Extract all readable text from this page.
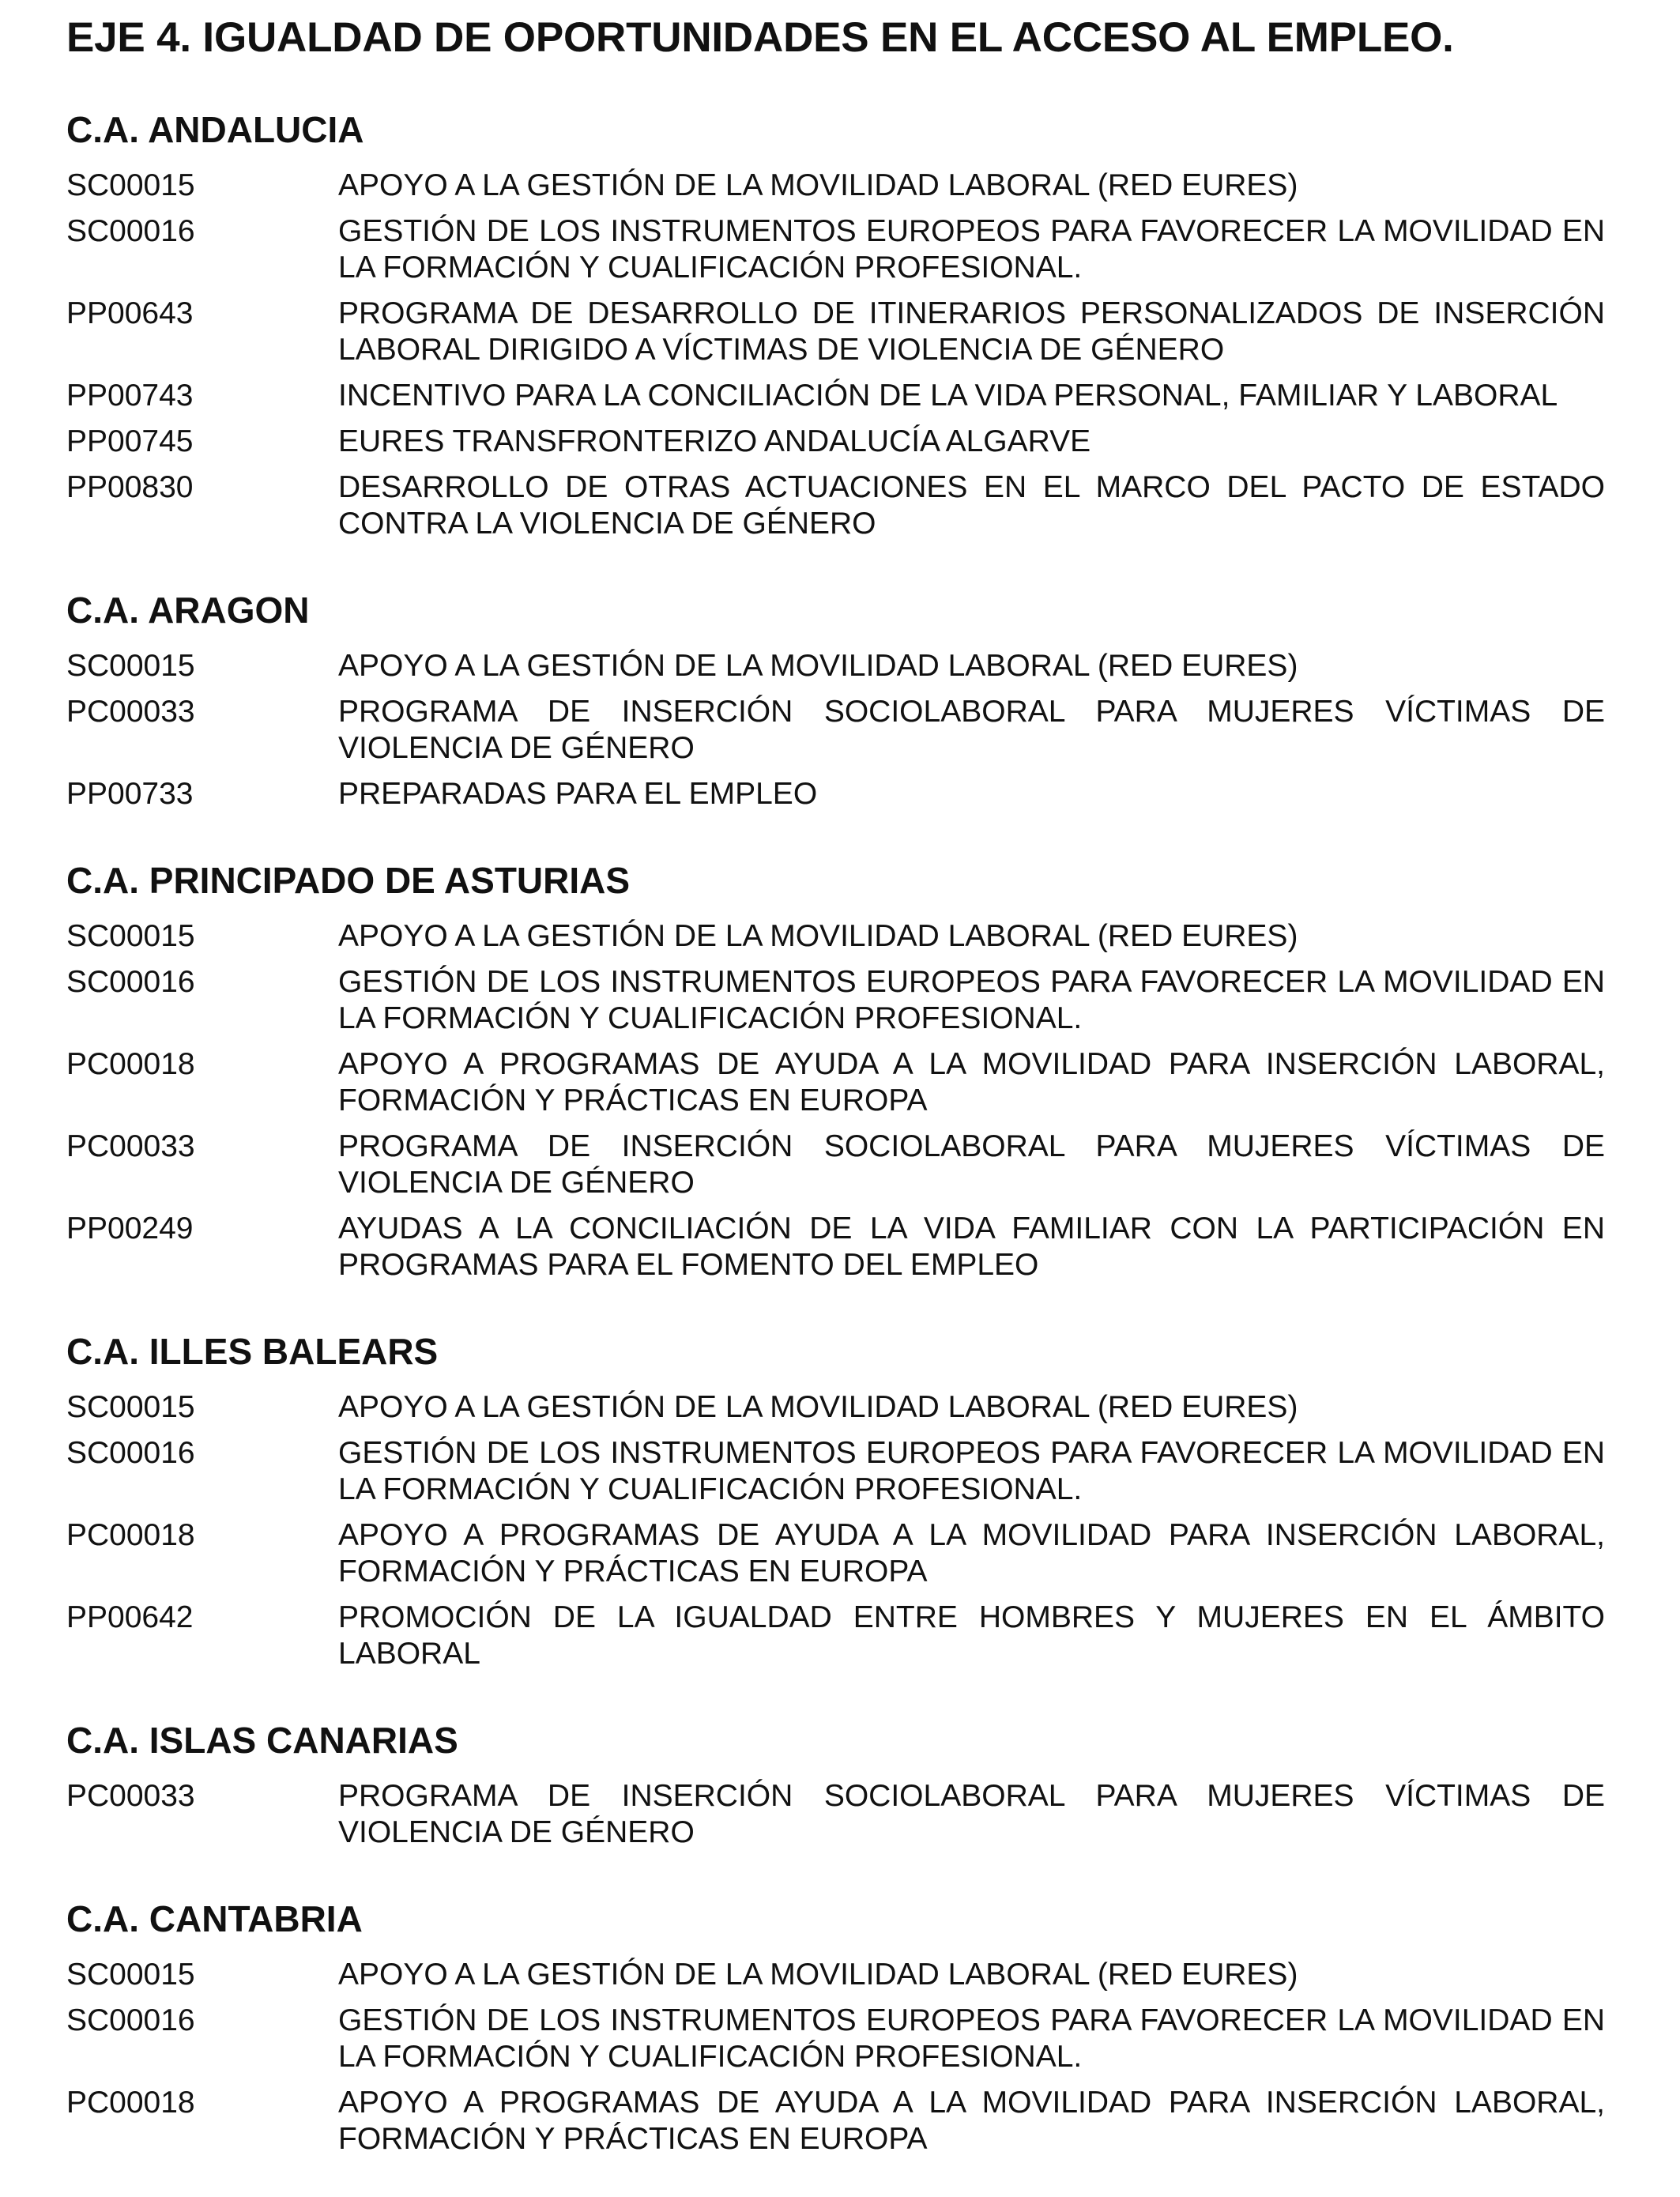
EJE 4. IGUALDAD DE OPORTUNIDADES EN EL ACCESO AL EMPLEO.
C.A. ANDALUCIA
SC00015	APOYO A LA GESTIÓN DE LA MOVILIDAD LABORAL (RED EURES)
SC00016	GESTIÓN DE LOS INSTRUMENTOS EUROPEOS PARA FAVORECER LA MOVILIDAD EN LA FORMACIÓN Y CUALIFICACIÓN PROFESIONAL.
PP00643	PROGRAMA DE DESARROLLO DE ITINERARIOS PERSONALIZADOS DE INSERCIÓN LABORAL DIRIGIDO A VÍCTIMAS DE VIOLENCIA DE GÉNERO
PP00743	INCENTIVO PARA LA CONCILIACIÓN DE LA VIDA PERSONAL, FAMILIAR Y LABORAL
PP00745	EURES TRANSFRONTERIZO ANDALUCÍA ALGARVE
PP00830	DESARROLLO DE OTRAS ACTUACIONES EN EL MARCO DEL PACTO DE ESTADO CONTRA LA VIOLENCIA DE GÉNERO
C.A. ARAGON
SC00015	APOYO A LA GESTIÓN DE LA MOVILIDAD LABORAL (RED EURES)
PC00033	PROGRAMA DE INSERCIÓN SOCIOLABORAL PARA MUJERES VÍCTIMAS DE VIOLENCIA DE GÉNERO
PP00733	PREPARADAS PARA EL EMPLEO
C.A. PRINCIPADO DE ASTURIAS
SC00015	APOYO A LA GESTIÓN DE LA MOVILIDAD LABORAL (RED EURES)
SC00016	GESTIÓN DE LOS INSTRUMENTOS EUROPEOS PARA FAVORECER LA MOVILIDAD EN LA FORMACIÓN Y CUALIFICACIÓN PROFESIONAL.
PC00018	APOYO A PROGRAMAS DE AYUDA A LA MOVILIDAD PARA INSERCIÓN LABORAL, FORMACIÓN Y PRÁCTICAS EN EUROPA
PC00033	PROGRAMA DE INSERCIÓN SOCIOLABORAL PARA MUJERES VÍCTIMAS DE VIOLENCIA DE GÉNERO
PP00249	AYUDAS A LA CONCILIACIÓN DE LA VIDA FAMILIAR CON LA PARTICIPACIÓN EN PROGRAMAS PARA EL FOMENTO DEL EMPLEO
C.A. ILLES BALEARS
SC00015	APOYO A LA GESTIÓN DE LA MOVILIDAD LABORAL (RED EURES)
SC00016	GESTIÓN DE LOS INSTRUMENTOS EUROPEOS PARA FAVORECER LA MOVILIDAD EN LA FORMACIÓN Y CUALIFICACIÓN PROFESIONAL.
PC00018	APOYO A PROGRAMAS DE AYUDA A LA MOVILIDAD PARA INSERCIÓN LABORAL, FORMACIÓN Y PRÁCTICAS EN EUROPA
PP00642	PROMOCIÓN DE LA IGUALDAD ENTRE HOMBRES Y MUJERES EN EL ÁMBITO LABORAL
C.A. ISLAS CANARIAS
PC00033	PROGRAMA DE INSERCIÓN SOCIOLABORAL PARA MUJERES VÍCTIMAS DE VIOLENCIA DE GÉNERO
C.A. CANTABRIA
SC00015	APOYO A LA GESTIÓN DE LA MOVILIDAD LABORAL (RED EURES)
SC00016	GESTIÓN DE LOS INSTRUMENTOS EUROPEOS PARA FAVORECER LA MOVILIDAD EN LA FORMACIÓN Y CUALIFICACIÓN PROFESIONAL.
PC00018	APOYO A PROGRAMAS DE AYUDA A LA MOVILIDAD PARA INSERCIÓN LABORAL, FORMACIÓN Y PRÁCTICAS EN EUROPA
